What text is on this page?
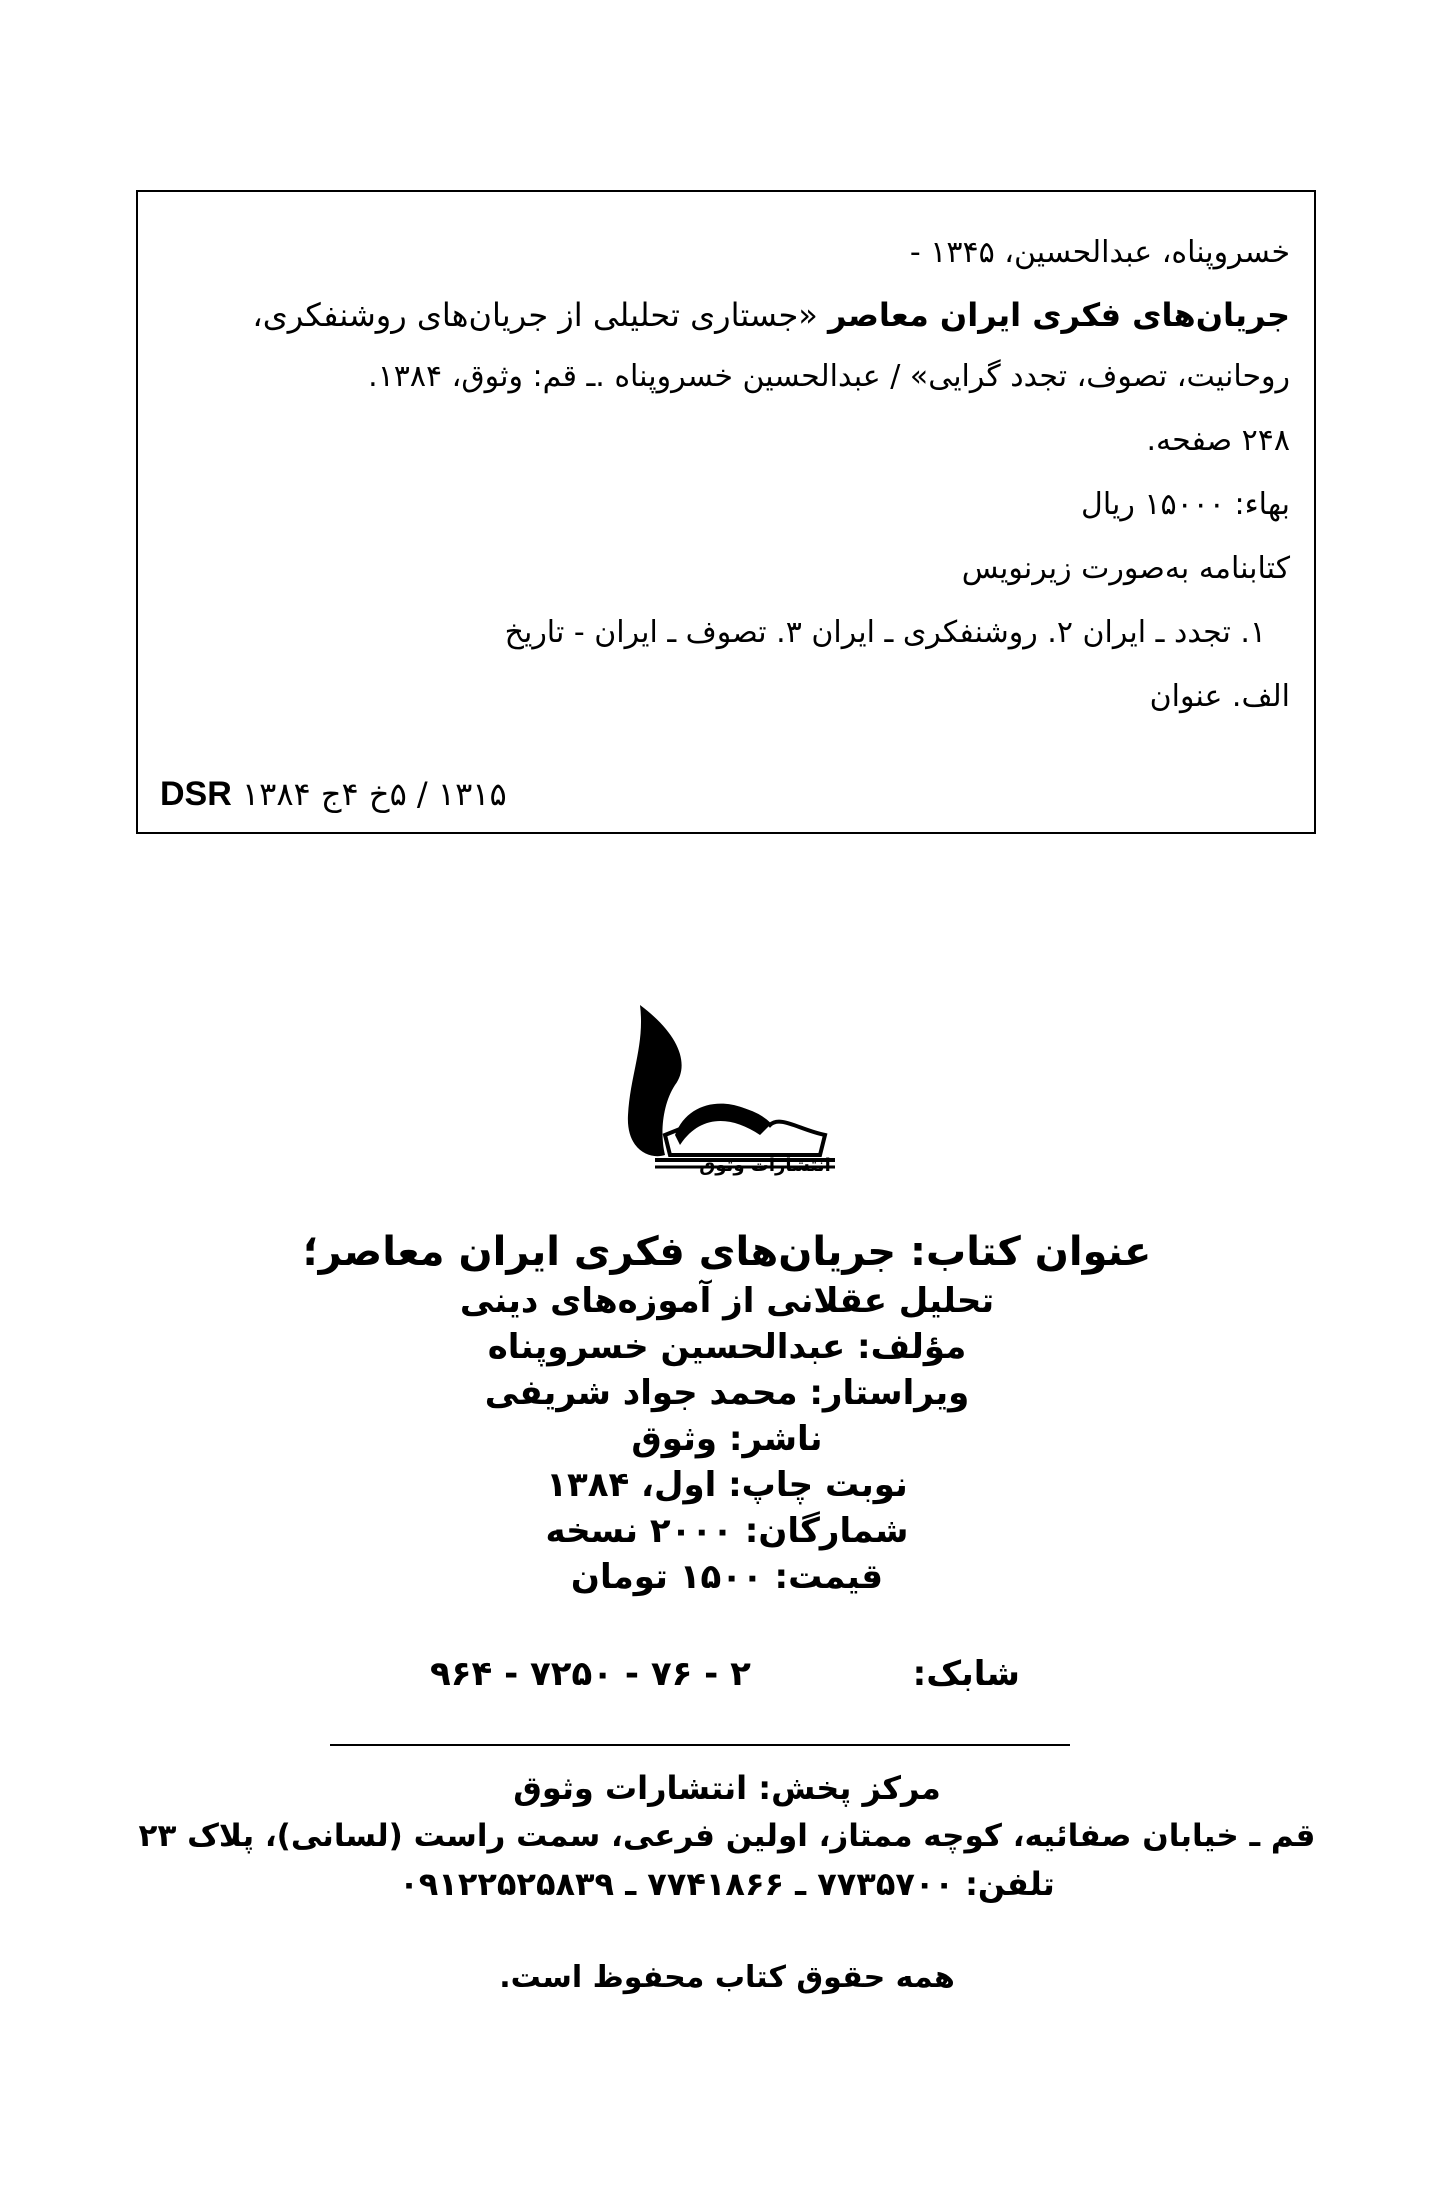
خسروپناه، عبدالحسین، ۱۳۴۵ -
جریان‌های فکری ایران معاصر «جستاری تحلیلی از جریان‌های روشنفکری،
روحانیت، تصوف، تجدد گرایی» / عبدالحسین خسروپناه .ـ قم: وثوق، ۱۳۸۴.
۲۴۸ صفحه.
بهاء: ۱۵۰۰۰ ریال
کتابنامه به‌صورت زیرنویس
۱. تجدد ـ ایران ۲. روشنفکری ـ ایران ۳. تصوف ـ ایران - تاریخ
الف. عنوان
DSR ۱۳۱۵ / ۵خ ۴ج ۱۳۸۴
انتشارات وثوق
عنوان کتاب: جریان‌های فکری ایران معاصر؛
تحلیل عقلانی از آموزه‌های دینی
مؤلف: عبدالحسین خسروپناه
ویراستار: محمد جواد شریفی
ناشر: وثوق
نوبت چاپ: اول، ۱۳۸۴
شمارگان: ۲۰۰۰ نسخه
قیمت: ۱۵۰۰ تومان
شابک:
۹۶۴ - ۷۲۵۰ - ۷۶ - ۲
مرکز پخش: انتشارات وثوق
قم ـ خیابان صفائیه، کوچه ممتاز، اولین فرعی، سمت راست (لسانی)، پلاک ۲۳
تلفن: ۷۷۳۵۷۰۰ ـ ۷۷۴۱۸۶۶ ـ ۰۹۱۲۲۵۲۵۸۳۹
همه حقوق کتاب محفوظ است.
